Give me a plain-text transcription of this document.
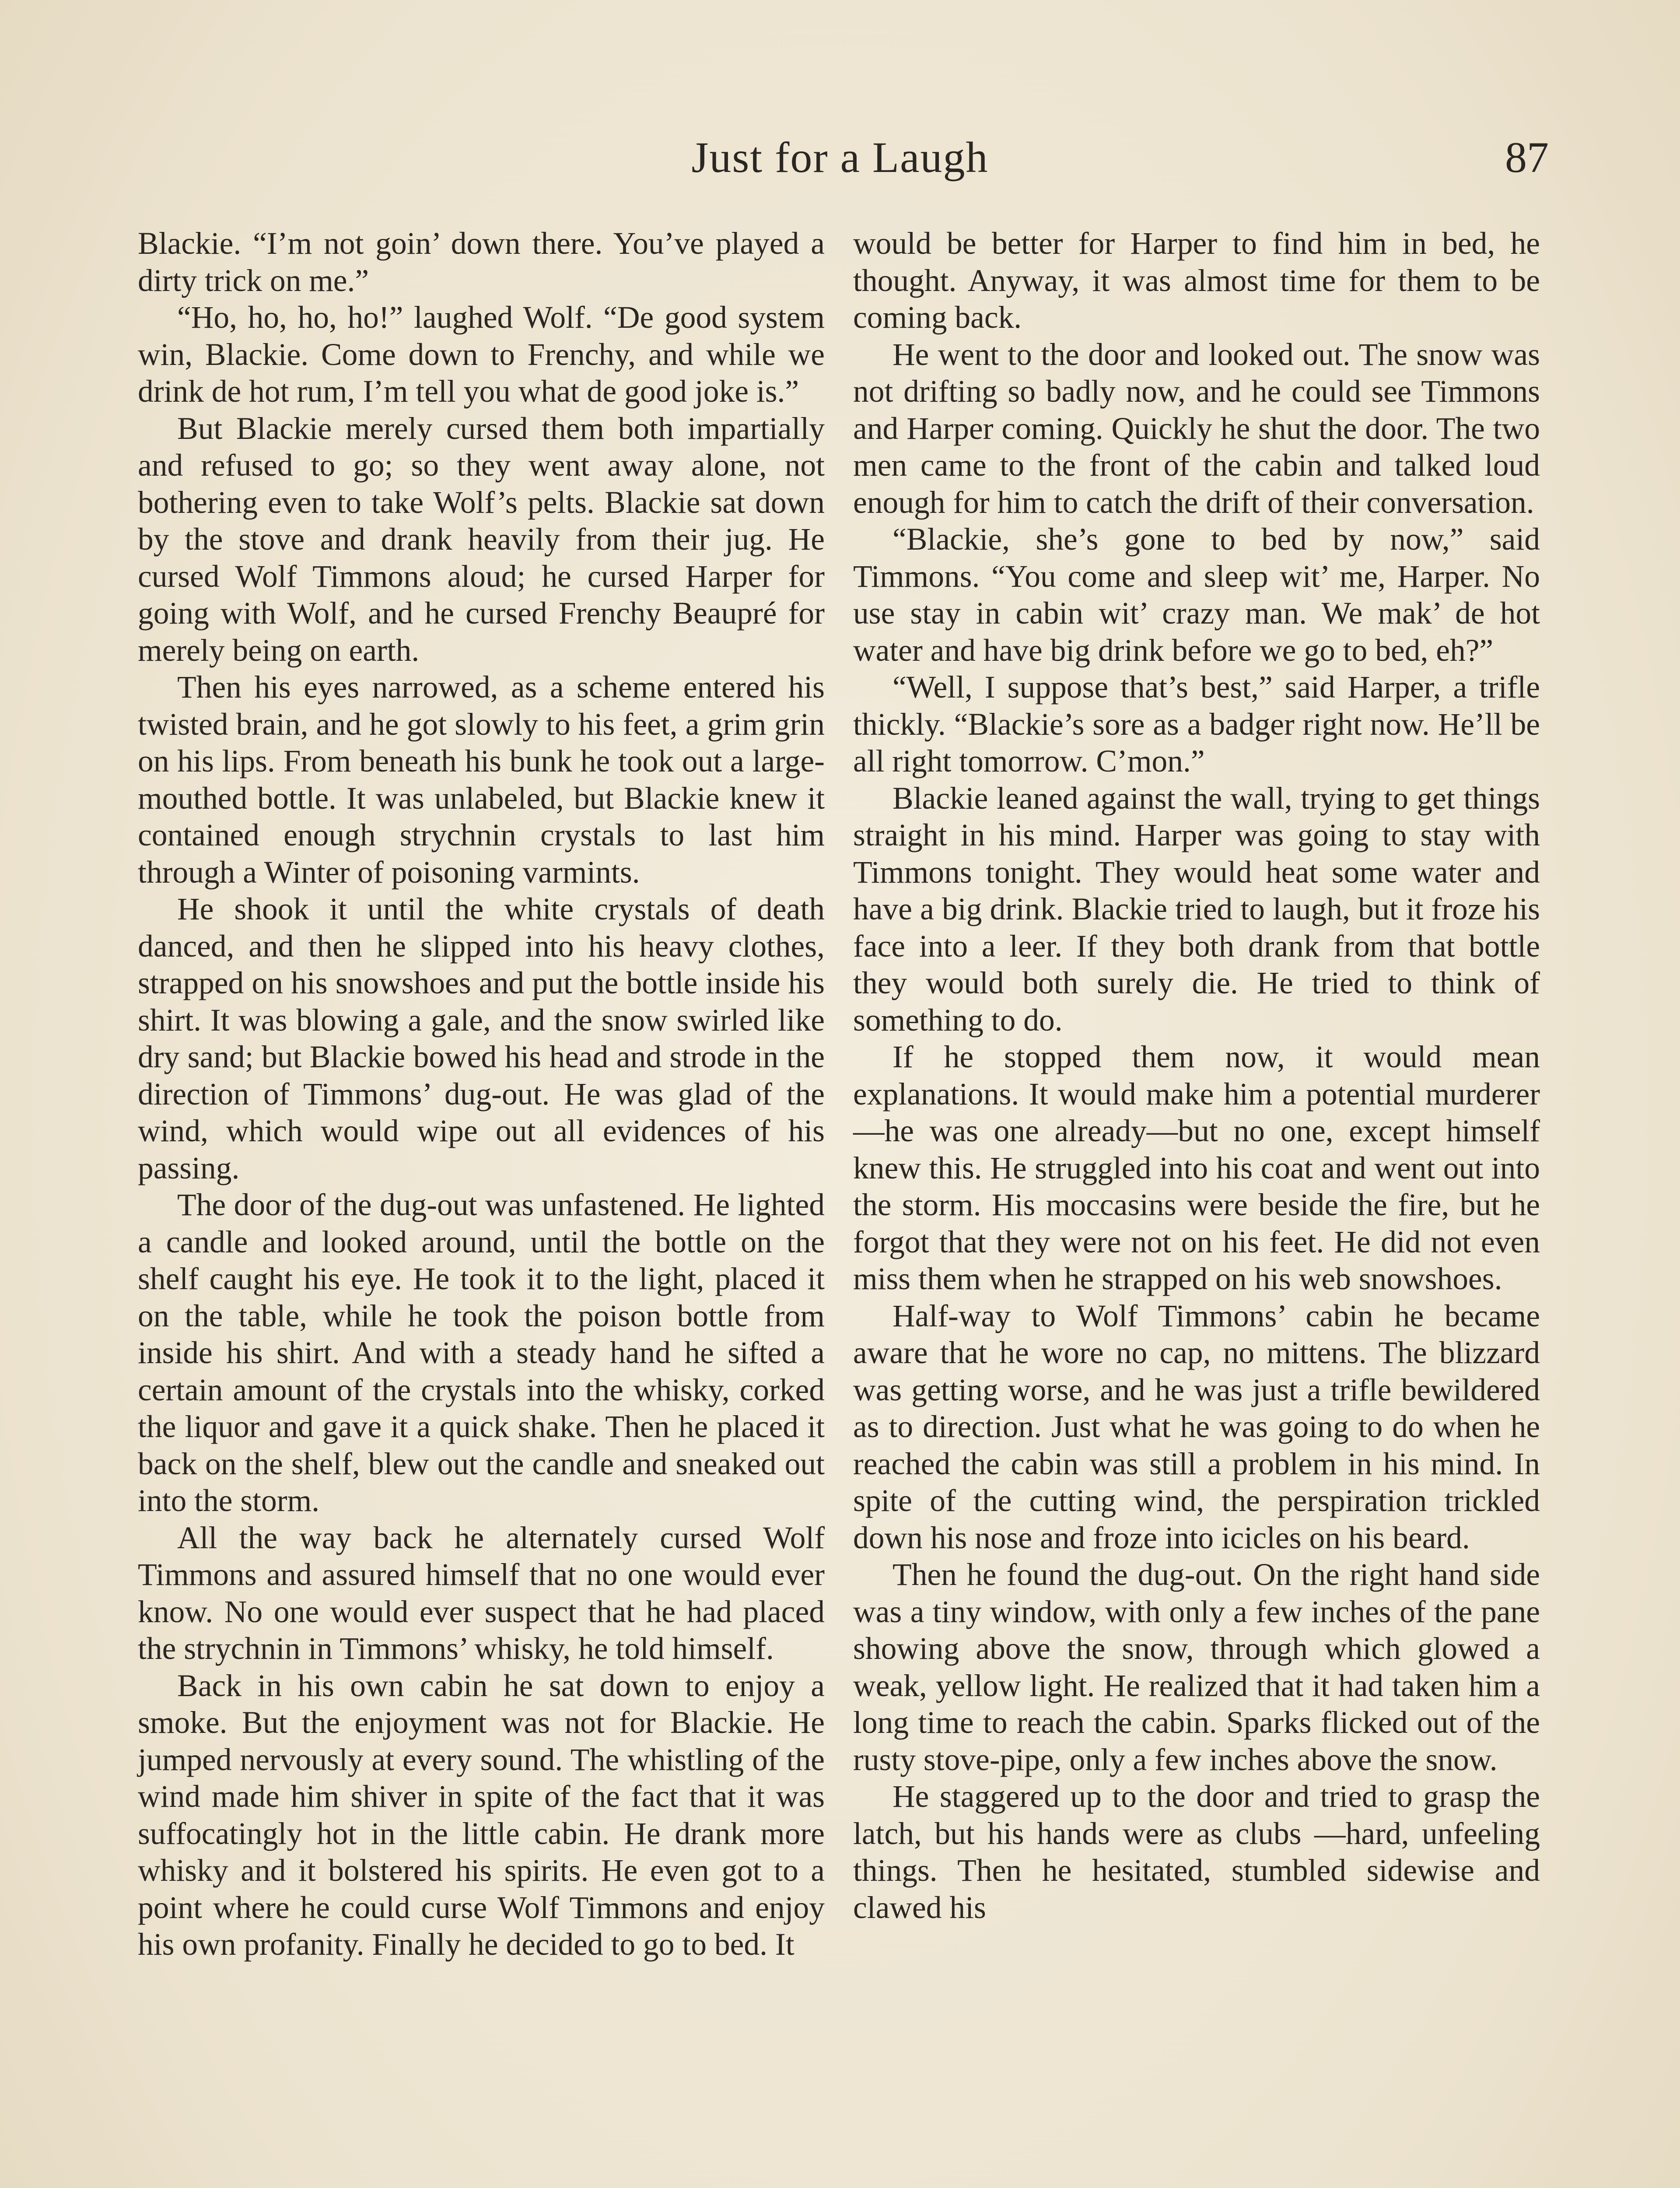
Just for a Laugh	87

Blackie. “I’m not goin’ down there. You’ve played a dirty trick on me.”

“Ho, ho, ho, ho!” laughed Wolf. “De good system win, Blackie. Come down to Frenchy, and while we drink de hot rum, I’m tell you what de good joke is.”

But Blackie merely cursed them both impartially and refused to go; so they went away alone, not bothering even to take Wolf’s pelts. Blackie sat down by the stove and drank heavily from their jug. He cursed Wolf Timmons aloud; he cursed Harper for going with Wolf, and he cursed Frenchy Beaupré for merely being on earth.

Then his eyes narrowed, as a scheme entered his twisted brain, and he got slowly to his feet, a grim grin on his lips. From beneath his bunk he took out a large-mouthed bottle. It was unlabeled, but Blackie knew it contained enough strychnin crystals to last him through a Winter of poisoning varmints.

He shook it until the white crystals of death danced, and then he slipped into his heavy clothes, strapped on his snowshoes and put the bottle inside his shirt. It was blowing a gale, and the snow swirled like dry sand; but Blackie bowed his head and strode in the direction of Timmons’ dug-out. He was glad of the wind, which would wipe out all evidences of his passing.

The door of the dug-out was unfastened. He lighted a candle and looked around, until the bottle on the shelf caught his eye. He took it to the light, placed it on the table, while he took the poison bottle from inside his shirt. And with a steady hand he sifted a certain amount of the crystals into the whisky, corked the liquor and gave it a quick shake. Then he placed it back on the shelf, blew out the candle and sneaked out into the storm.

All the way back he alternately cursed Wolf Timmons and assured himself that no one would ever know. No one would ever suspect that he had placed the strychnin in Timmons’ whisky, he told himself.

Back in his own cabin he sat down to enjoy a smoke. But the enjoyment was not for Blackie. He jumped nervously at every sound. The whistling of the wind made him shiver in spite of the fact that it was suffocatingly hot in the little cabin. He drank more whisky and it bolstered his spirits. He even got to a point where he could curse Wolf Timmons and enjoy his own profanity. Finally he decided to go to bed. It

would be better for Harper to find him in bed, he thought. Anyway, it was almost time for them to be coming back.

He went to the door and looked out. The snow was not drifting so badly now, and he could see Timmons and Harper coming. Quickly he shut the door. The two men came to the front of the cabin and talked loud enough for him to catch the drift of their conversation.

“Blackie, she’s gone to bed by now,” said Timmons. “You come and sleep wit’ me, Harper. No use stay in cabin wit’ crazy man. We mak’ de hot water and have big drink before we go to bed, eh?”

“Well, I suppose that’s best,” said Harper, a trifle thickly. “Blackie’s sore as a badger right now. He’ll be all right tomorrow. C’mon.”

Blackie leaned against the wall, trying to get things straight in his mind. Harper was going to stay with Timmons tonight. They would heat some water and have a big drink. Blackie tried to laugh, but it froze his face into a leer. If they both drank from that bottle they would both surely die. He tried to think of something to do.

If he stopped them now, it would mean explanations. It would make him a potential murderer—he was one already—but no one, except himself knew this. He struggled into his coat and went out into the storm. His moccasins were beside the fire, but he forgot that they were not on his feet. He did not even miss them when he strapped on his web snowshoes.

Half-way to Wolf Timmons’ cabin he became aware that he wore no cap, no mittens. The blizzard was getting worse, and he was just a trifle bewildered as to direction. Just what he was going to do when he reached the cabin was still a problem in his mind. In spite of the cutting wind, the perspiration trickled down his nose and froze into icicles on his beard.

Then he found the dug-out. On the right hand side was a tiny window, with only a few inches of the pane showing above the snow, through which glowed a weak, yellow light. He realized that it had taken him a long time to reach the cabin. Sparks flicked out of the rusty stove-pipe, only a few inches above the snow.

He staggered up to the door and tried to grasp the latch, but his hands were as clubs —hard, unfeeling things. Then he hesitated, stumbled sidewise and clawed his
